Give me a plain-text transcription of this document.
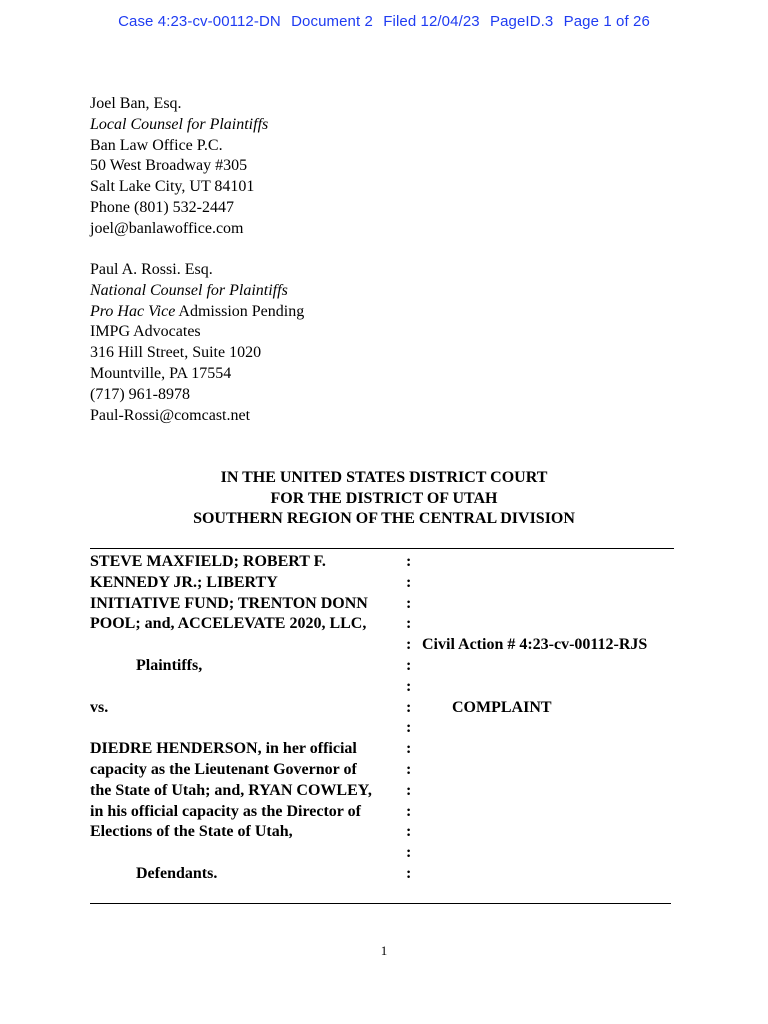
Case 4:23-cv-00112-DN Document 2 Filed 12/04/23 PageID.3 Page 1 of 26
Joel Ban, Esq.
Local Counsel for Plaintiffs
Ban Law Office P.C.
50 West Broadway #305
Salt Lake City, UT 84101
Phone (801) 532-2447
joel@banlawoffice.com
Paul A. Rossi. Esq.
National Counsel for Plaintiffs
Pro Hac Vice Admission Pending
IMPG Advocates
316 Hill Street, Suite 1020
Mountville, PA 17554
(717) 961-8978
Paul-Rossi@comcast.net
IN THE UNITED STATES DISTRICT COURT
FOR THE DISTRICT OF UTAH
SOUTHERN REGION OF THE CENTRAL DIVISION
STEVE MAXFIELD; ROBERT F.
KENNEDY JR.; LIBERTY
INITIATIVE FUND; TRENTON DONN
POOL; and, ACCELEVATE 2020, LLC,
Plaintiffs,
vs.
DIEDRE HENDERSON, in her official
capacity as the Lieutenant Governor of
the State of Utah; and, RYAN COWLEY,
in his official capacity as the Director of
Elections of the State of Utah,
Defendants.
:
:
:
:
:
:
:
:
:
:
:
:
:
:
:
:
Civil Action # 4:23-cv-00112-RJS
COMPLAINT
1
